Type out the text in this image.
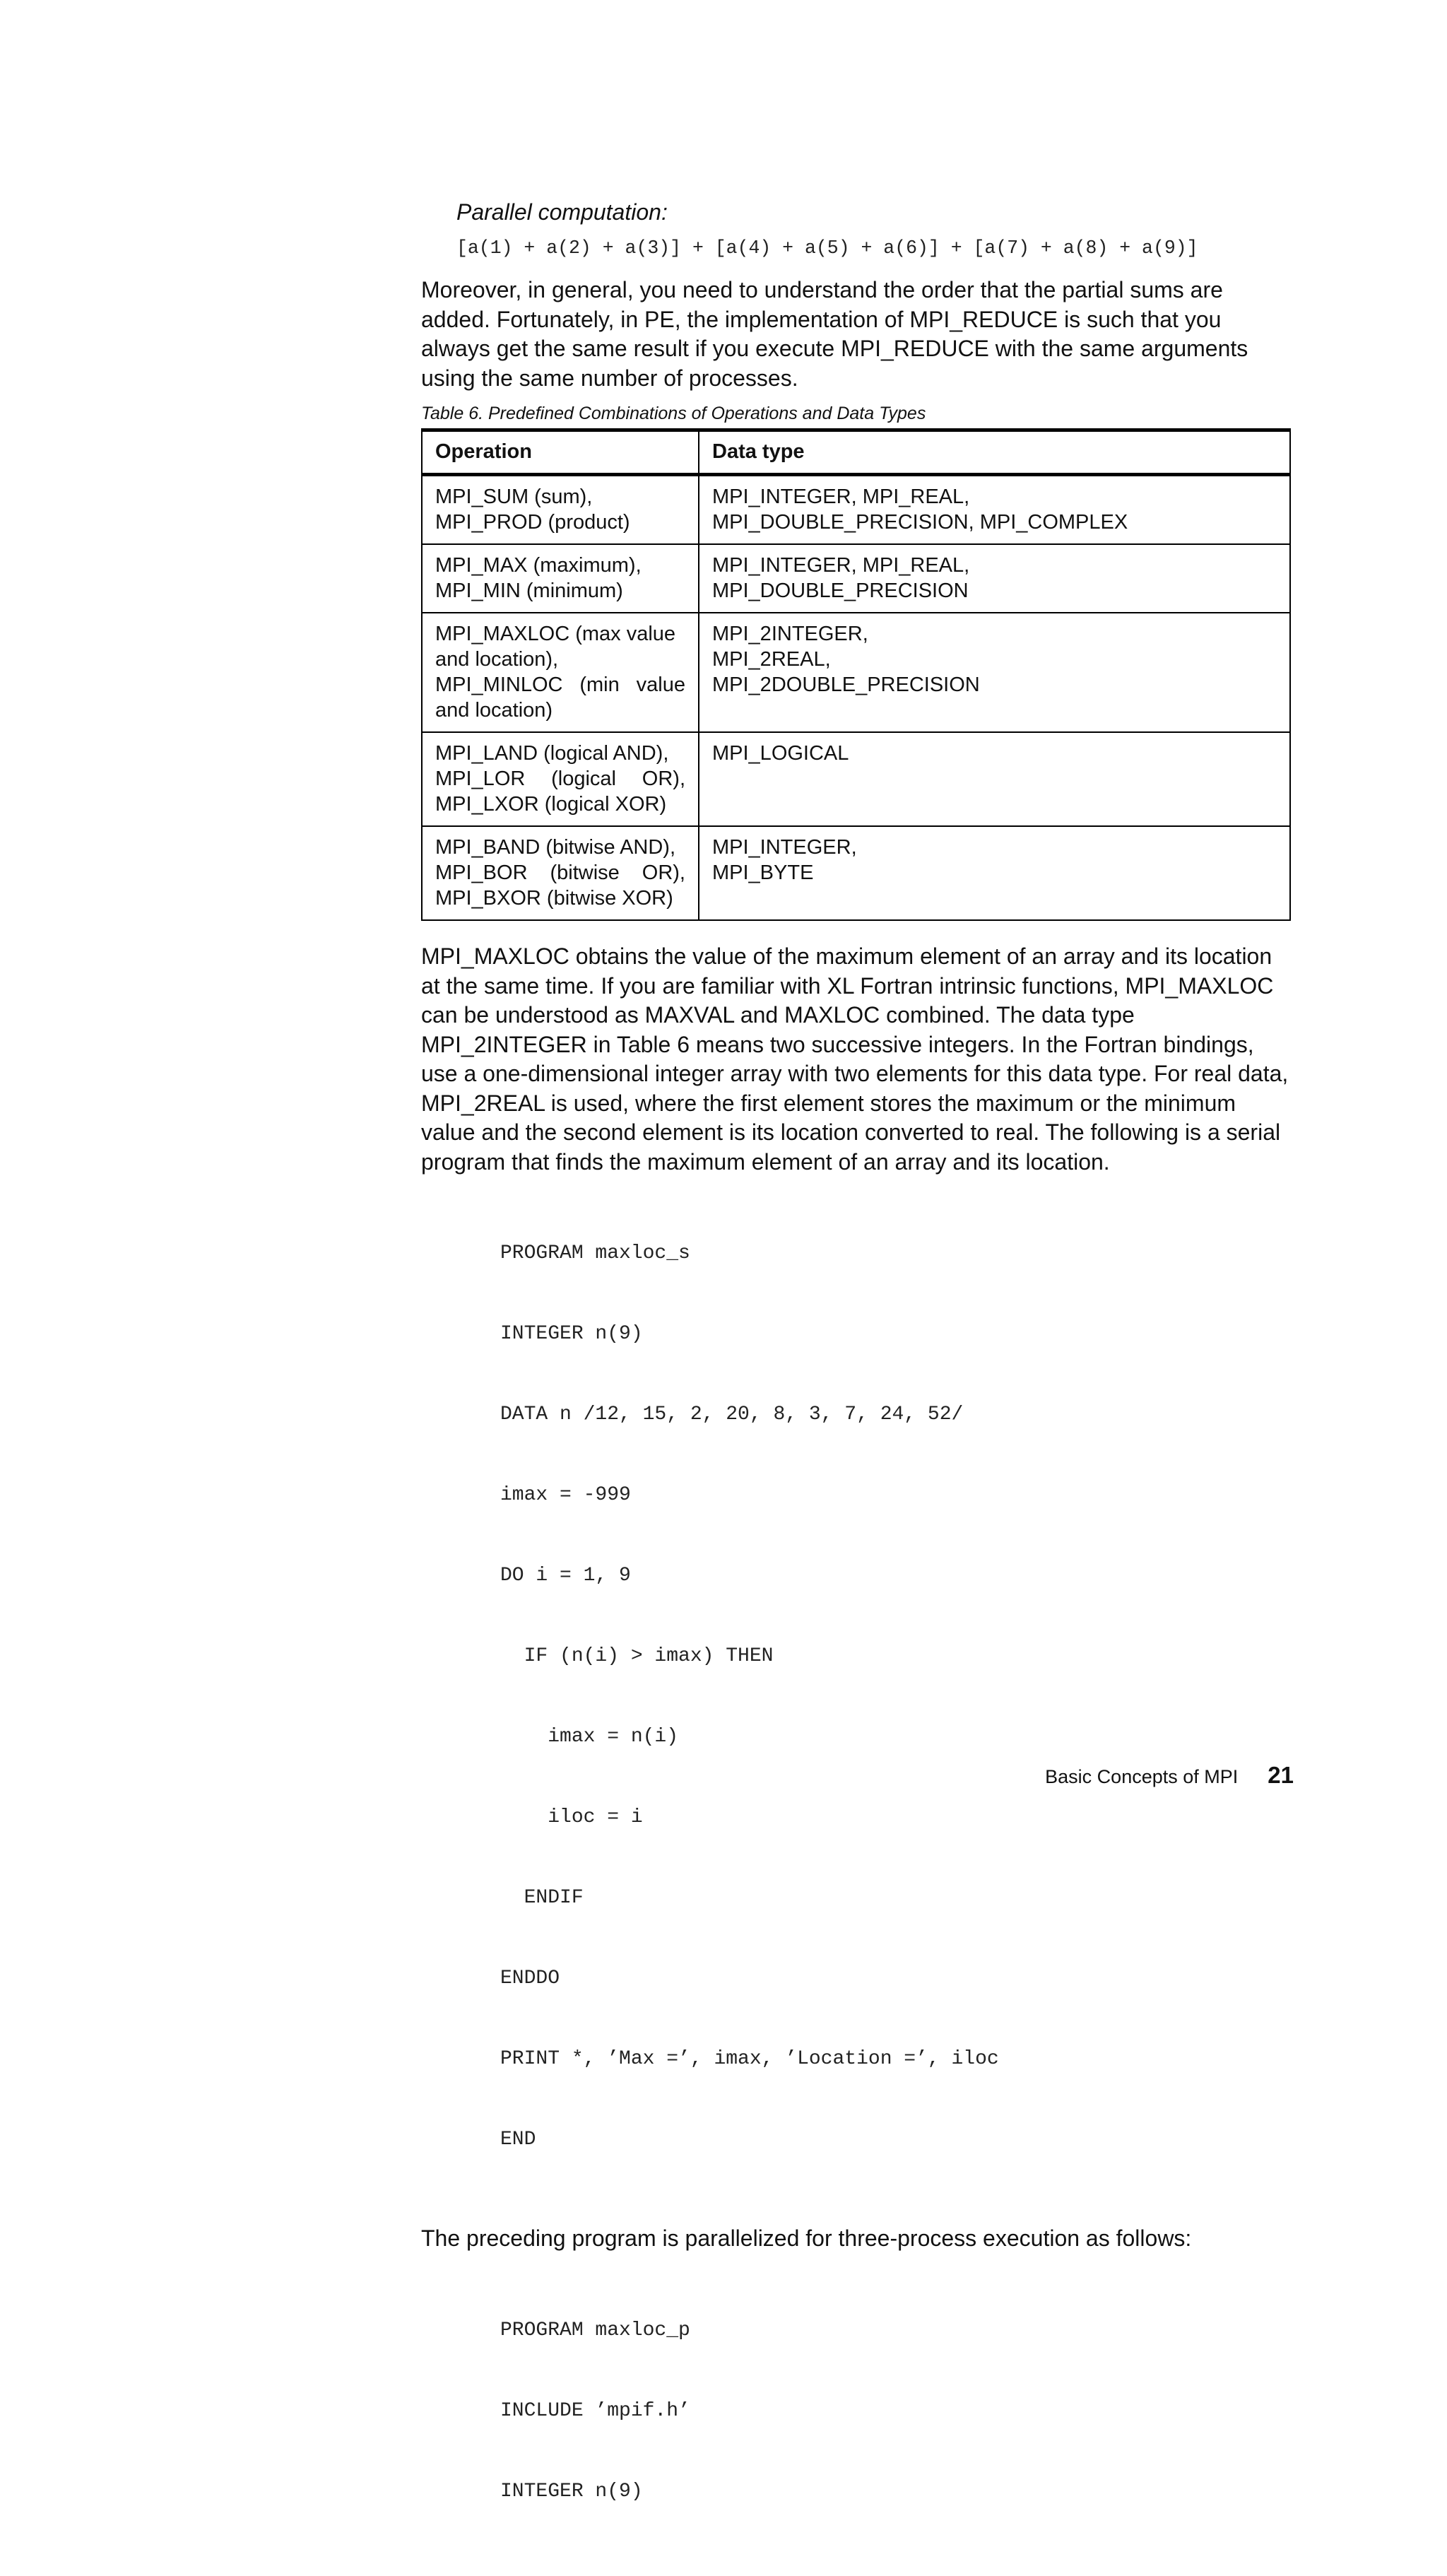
Parallel computation:
[a(1) + a(2) + a(3)] + [a(4) + a(5) + a(6)] + [a(7) + a(8) + a(9)]

Moreover, in general, you need to understand the order that the partial sums are added. Fortunately, in PE, the implementation of MPI_REDUCE is such that you always get the same result if you execute MPI_REDUCE with the same arguments using the same number of processes.

Table 6. Predefined Combinations of Operations and Data Types
Operation	Data type

MPI_SUM (sum),
MPI_PROD (product)	MPI_INTEGER, MPI_REAL,
MPI_DOUBLE_PRECISION, MPI_COMPLEX

MPI_MAX (maximum),
MPI_MIN (minimum)	MPI_INTEGER, MPI_REAL,
MPI_DOUBLE_PRECISION

MPI_MAXLOC (max value
and location),
MPI_MINLOC (min value
and location)	MPI_2INTEGER,
MPI_2REAL,
MPI_2DOUBLE_PRECISION

MPI_LAND (logical AND),
MPI_LOR (logical OR),
MPI_LXOR (logical XOR)	MPI_LOGICAL

MPI_BAND (bitwise AND),
MPI_BOR (bitwise OR),
MPI_BXOR (bitwise XOR)	MPI_INTEGER,
MPI_BYTE

MPI_MAXLOC obtains the value of the maximum element of an array and its location at the same time. If you are familiar with XL Fortran intrinsic functions, MPI_MAXLOC can be understood as MAXVAL and MAXLOC combined. The data type MPI_2INTEGER in Table 6 means two successive integers. In the Fortran bindings, use a one-dimensional integer array with two elements for this data type. For real data, MPI_2REAL is used, where the first element stores the maximum or the minimum value and the second element is its location converted to real. The following is a serial program that finds the maximum element of an array and its location.

PROGRAM maxloc_s

INTEGER n(9)

DATA n /12, 15, 2, 20, 8, 3, 7, 24, 52/

imax = -999

DO i = 1, 9

IF (n(i) > imax) THEN

imax = n(i)

iloc = i

ENDIF

ENDDO

PRINT *, ’Max =’, imax, ’Location =’, iloc

END

The preceding program is parallelized for three-process execution as follows:

PROGRAM maxloc_p

INCLUDE ’mpif.h’

INTEGER n(9)

Basic Concepts of MPI 21
